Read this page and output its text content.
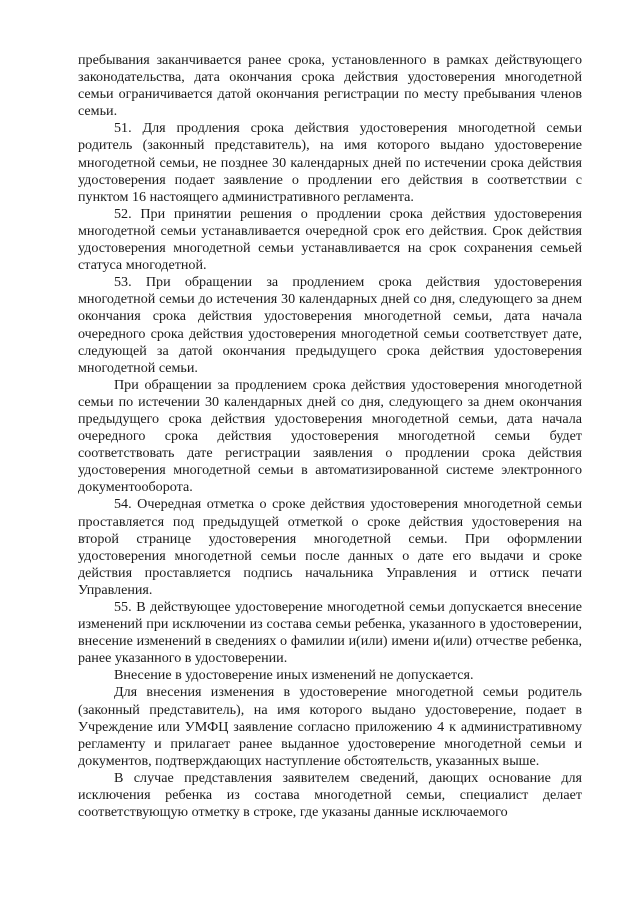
пребывания заканчивается ранее срока, установленного в рамках действующего законодательства, дата окончания срока действия удостоверения многодетной семьи ограничивается датой окончания регистрации по месту пребывания членов семьи.

51. Для продления срока действия удостоверения многодетной семьи родитель (законный представитель), на имя которого выдано удостоверение многодетной семьи, не позднее 30 календарных дней по истечении срока действия удостоверения подает заявление о продлении его действия в соответствии с пунктом 16 настоящего административного регламента.

52. При принятии решения о продлении срока действия удостоверения многодетной семьи устанавливается очередной срок его действия. Срок действия удостоверения многодетной семьи устанавливается на срок сохранения семьей статуса многодетной.

53. При обращении за продлением срока действия удостоверения многодетной семьи до истечения 30 календарных дней со дня, следующего за днем окончания срока действия удостоверения многодетной семьи, дата начала очередного срока действия удостоверения многодетной семьи соответствует дате, следующей за датой окончания предыдущего срока действия удостоверения многодетной семьи.

При обращении за продлением срока действия удостоверения многодетной семьи по истечении 30 календарных дней со дня, следующего за днем окончания предыдущего срока действия удостоверения многодетной семьи, дата начала очередного срока действия удостоверения многодетной семьи будет соответствовать дате регистрации заявления о продлении срока действия удостоверения многодетной семьи в автоматизированной системе электронного документооборота.

54. Очередная отметка о сроке действия удостоверения многодетной семьи проставляется под предыдущей отметкой о сроке действия удостоверения на второй странице удостоверения многодетной семьи. При оформлении удостоверения многодетной семьи после данных о дате его выдачи и сроке действия проставляется подпись начальника Управления и оттиск печати Управления.

55. В действующее удостоверение многодетной семьи допускается внесение изменений при исключении из состава семьи ребенка, указанного в удостоверении, внесение изменений в сведениях о фамилии и(или) имени и(или) отчестве ребенка, ранее указанного в удостоверении.

Внесение в удостоверение иных изменений не допускается.

Для внесения изменения в удостоверение многодетной семьи родитель (законный представитель), на имя которого выдано удостоверение, подает в Учреждение или УМФЦ заявление согласно приложению 4 к административному регламенту и прилагает ранее выданное удостоверение многодетной семьи и документов, подтверждающих наступление обстоятельств, указанных выше.

В случае представления заявителем сведений, дающих основание для исключения ребенка из состава многодетной семьи, специалист делает соответствующую отметку в строке, где указаны данные исключаемого
